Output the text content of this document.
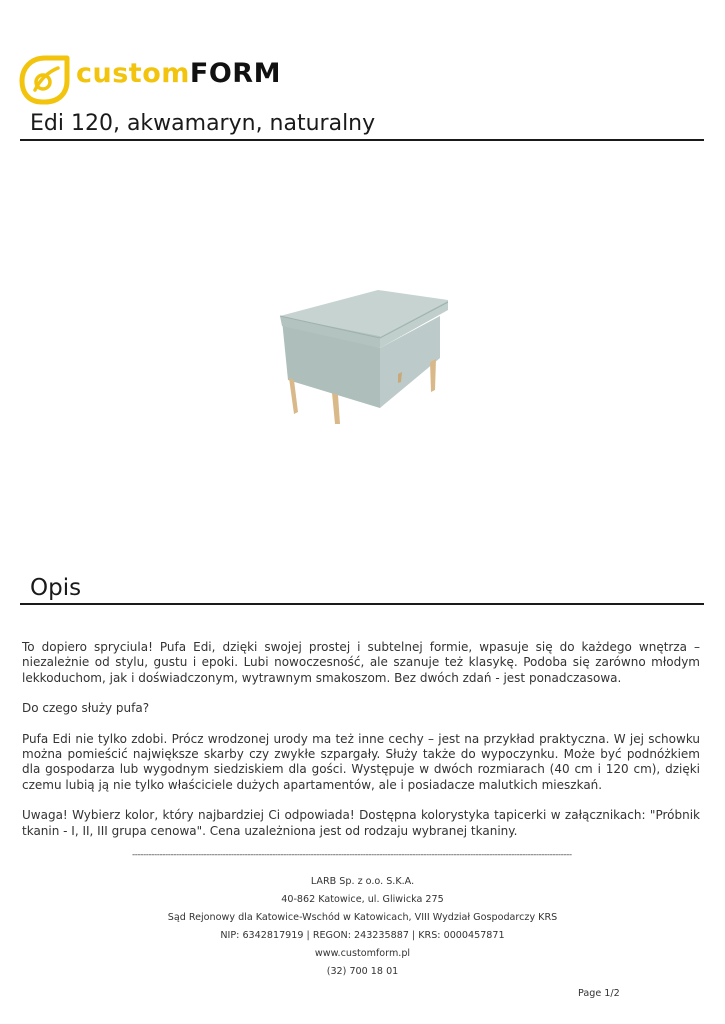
customFORM
Edi 120, akwamaryn, naturalny
Opis

To dopiero spryciula! Pufa Edi, dzięki swojej prostej i subtelnej formie, wpasuje się do każdego wnętrza – niezależnie od stylu, gustu i epoki. Lubi nowoczesność, ale szanuje też klasykę. Podoba się zarówno młodym lekkoduchom, jak i doświadczonym, wytrawnym smakoszom. Bez dwóch zdań - jest ponadczasowa.

Do czego służy pufa?

Pufa Edi nie tylko zdobi. Prócz wrodzonej urody ma też inne cechy – jest na przykład praktyczna. W jej schowku można pomieścić największe skarby czy zwykłe szpargały. Służy także do wypoczynku. Może być podnóżkiem dla gospodarza lub wygodnym siedziskiem dla gości. Występuje w dwóch rozmiarach (40 cm i 120 cm), dzięki czemu lubią ją nie tylko właściciele dużych apartamentów, ale i posiadacze malutkich mieszkań.

Uwaga! Wybierz kolor, który najbardziej Ci odpowiada! Dostępna kolorystyka tapicerki w załącznikach: "Próbnik tkanin - I, II, III grupa cenowa". Cena uzależniona jest od rodzaju wybranej tkaniny.

----------------------------------------------------------------------------------------------------------------------------------------------------------------
LARB Sp. z o.o. S.K.A.
40-862 Katowice, ul. Gliwicka 275
Sąd Rejonowy dla Katowice-Wschód w Katowicach, VIII Wydział Gospodarczy KRS
NIP: 6342817919 | REGON: 243235887 | KRS: 0000457871
www.customform.pl
(32) 700 18 01
Page 1/2
